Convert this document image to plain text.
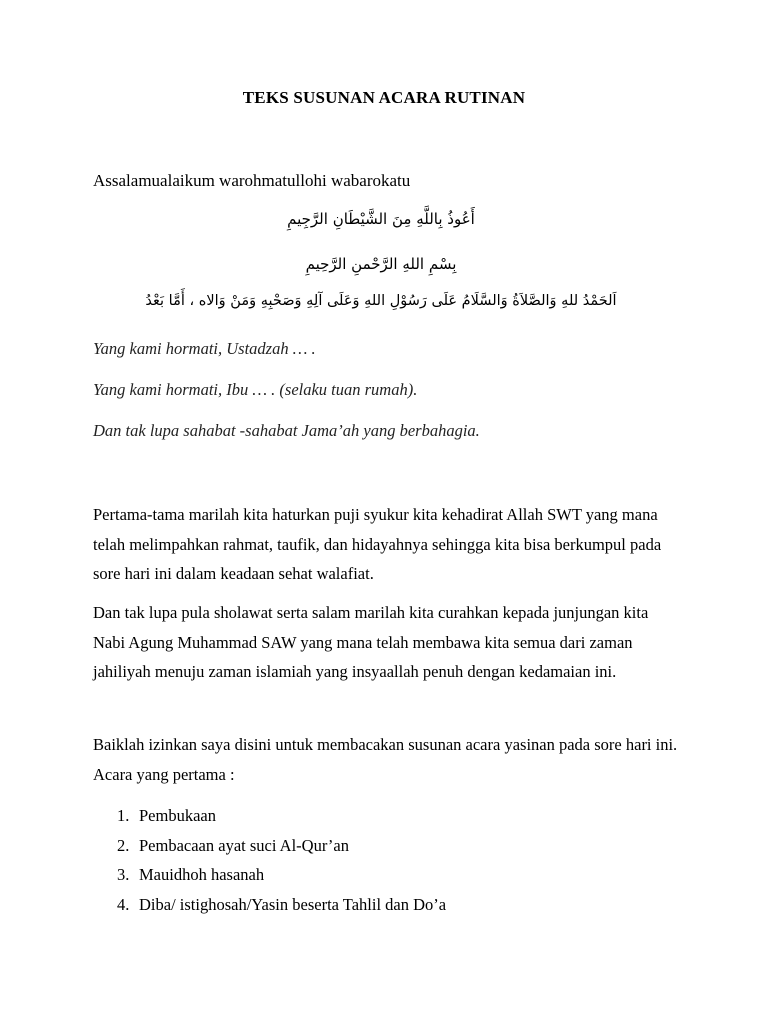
TEKS SUSUNAN ACARA RUTINAN
Assalamualaikum warohmatullohi wabarokatu
أَعُوذُ بِاللَّهِ مِنَ الشَّيْطَانِ الرَّجِيمِ
بِسْمِ اللهِ الرَّحْمنِ الرَّحِيمِ
اَلحَمْدُ للهِ وَالصَّلاَةُ وَالسَّلَامُ عَلَى رَسُوْلِ اللهِ وَعَلَى آلِهِ وَصَحْبِهِ وَمَنْ وَالاه ، أَمَّا بَعْدُ
Yang kami hormati, Ustadzah … .
Yang kami hormati, Ibu … . (selaku tuan rumah).
Dan tak lupa sahabat -sahabat Jama’ah yang berbahagia.
Pertama-tama marilah kita haturkan puji syukur kita kehadirat Allah SWT yang mana telah melimpahkan rahmat, taufik, dan hidayahnya sehingga kita bisa berkumpul pada sore hari ini dalam keadaan sehat walafiat.
Dan tak lupa pula sholawat serta salam marilah kita curahkan kepada junjungan kita Nabi Agung Muhammad SAW yang mana telah membawa kita semua dari zaman jahiliyah menuju zaman islamiah yang insyaallah penuh dengan kedamaian ini.
Baiklah izinkan saya disini untuk membacakan susunan acara yasinan pada sore hari ini. Acara yang pertama :
1. Pembukaan
2. Pembacaan ayat suci Al-Qur’an
3. Mauidhoh hasanah
4. Diba/ istighosah/Yasin beserta Tahlil dan Do’a
